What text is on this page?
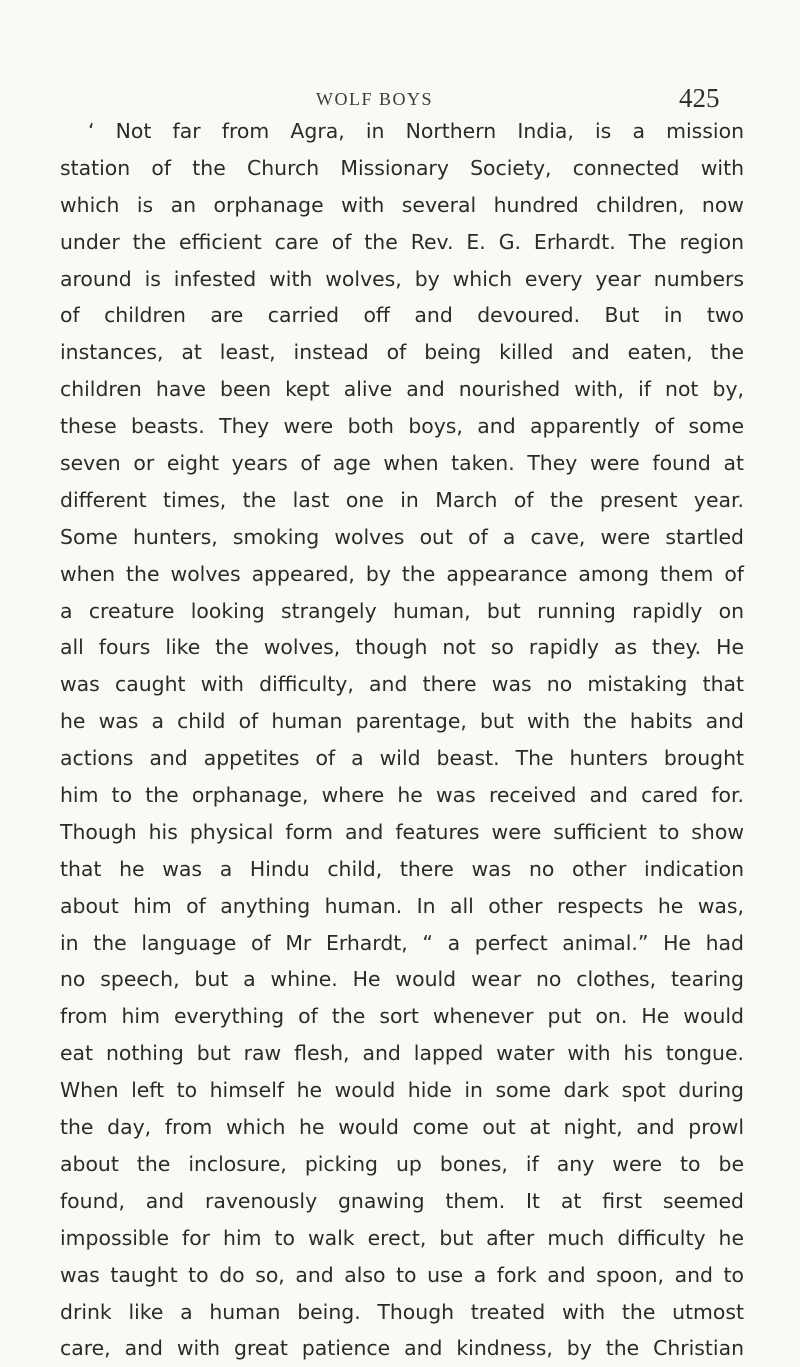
WOLF BOYS	425
‘ Not far from Agra, in Northern India, is a mission
station of the Church Missionary Society, connected with
which is an orphanage with several hundred children, now
under the efficient care of the Rev. E. G. Erhardt. The region
around is infested with wolves, by which every year numbers
of children are carried off and devoured. But in two
instances, at least, instead of being killed and eaten, the
children have been kept alive and nourished with, if not by,
these beasts. They were both boys, and apparently of some
seven or eight years of age when taken. They were found at
different times, the last one in March of the present year.
Some hunters, smoking wolves out of a cave, were startled
when the wolves appeared, by the appearance among them of
a creature looking strangely human, but running rapidly on
all fours like the wolves, though not so rapidly as they. He
was caught with difficulty, and there was no mistaking that
he was a child of human parentage, but with the habits and
actions and appetites of a wild beast. The hunters brought
him to the orphanage, where he was received and cared for.
Though his physical form and features were sufficient to show
that he was a Hindu child, there was no other indication
about him of anything human. In all other respects he was,
in the language of Mr Erhardt, “ a perfect animal.” He had
no speech, but a whine. He would wear no clothes, tearing
from him everything of the sort whenever put on. He would
eat nothing but raw flesh, and lapped water with his tongue.
When left to himself he would hide in some dark spot during
the day, from which he would come out at night, and prowl
about the inclosure, picking up bones, if any were to be
found, and ravenously gnawing them. It at first seemed
impossible for him to walk erect, but after much difficulty he
was taught to do so, and also to use a fork and spoon, and to
drink like a human being. Though treated with the utmost
care, and with great patience and kindness, by the Christian
